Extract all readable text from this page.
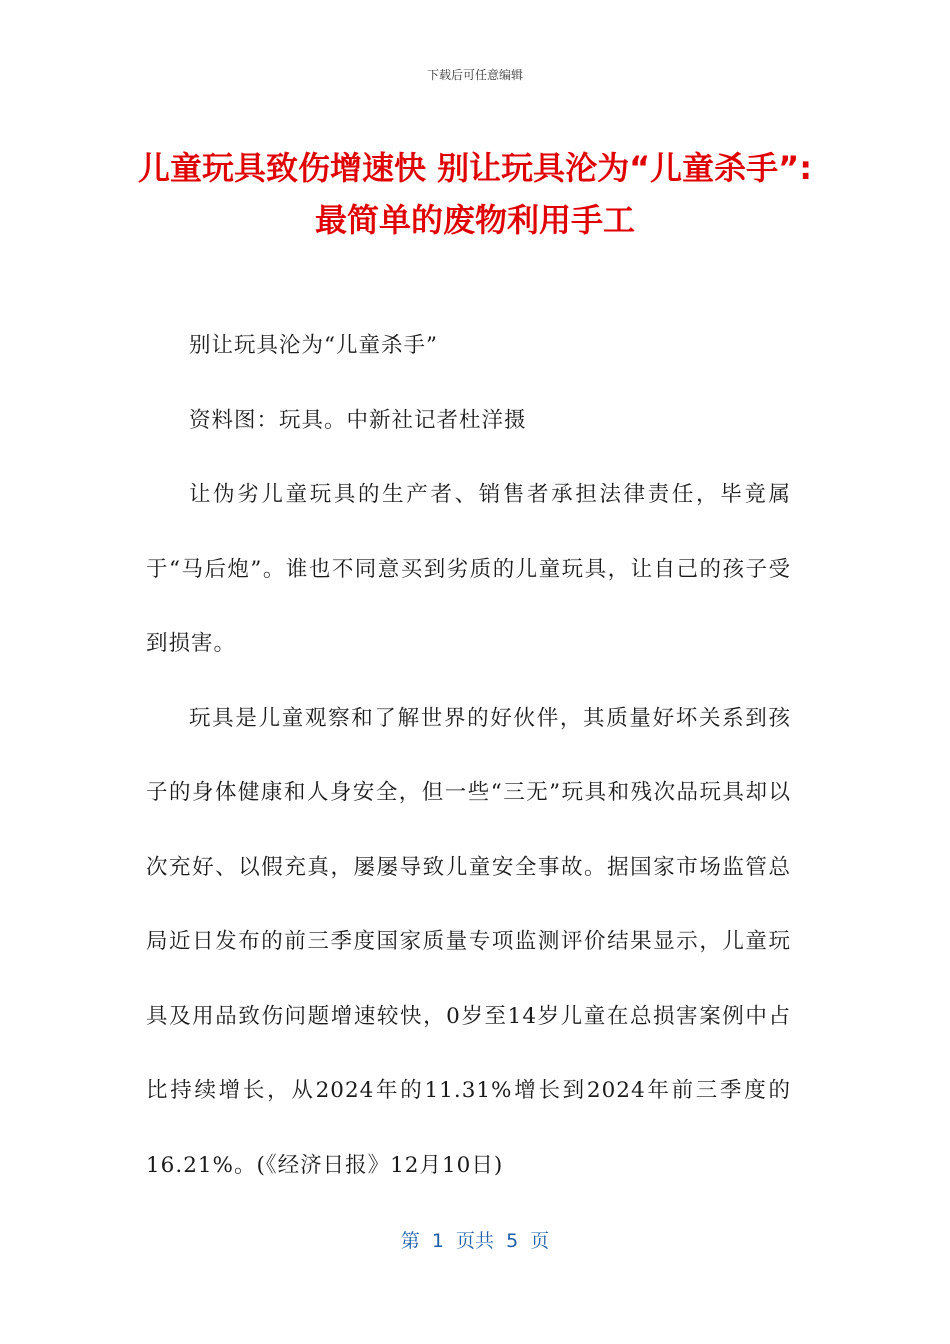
下载后可任意编辑
儿童玩具致伤增速快 别让玩具沦为“儿童杀手”:最简单的废物利用手工

别让玩具沦为“儿童杀手”

资料图：玩具。中新社记者杜洋摄

让伪劣儿童玩具的生产者、销售者承担法律责任，毕竟属于“马后炮”。谁也不同意买到劣质的儿童玩具，让自己的孩子受到损害。

玩具是儿童观察和了解世界的好伙伴，其质量好坏关系到孩子的身体健康和人身安全，但一些“三无”玩具和残次品玩具却以次充好、以假充真，屡屡导致儿童安全事故。据国家市场监管总局近日发布的前三季度国家质量专项监测评价结果显示，儿童玩具及用品致伤问题增速较快，0岁至14岁儿童在总损害案例中占比持续增长，从2024年的11.31%增长到2024年前三季度的16.21%。(《经济日报》12月10日)

第  1  页共  5  页
